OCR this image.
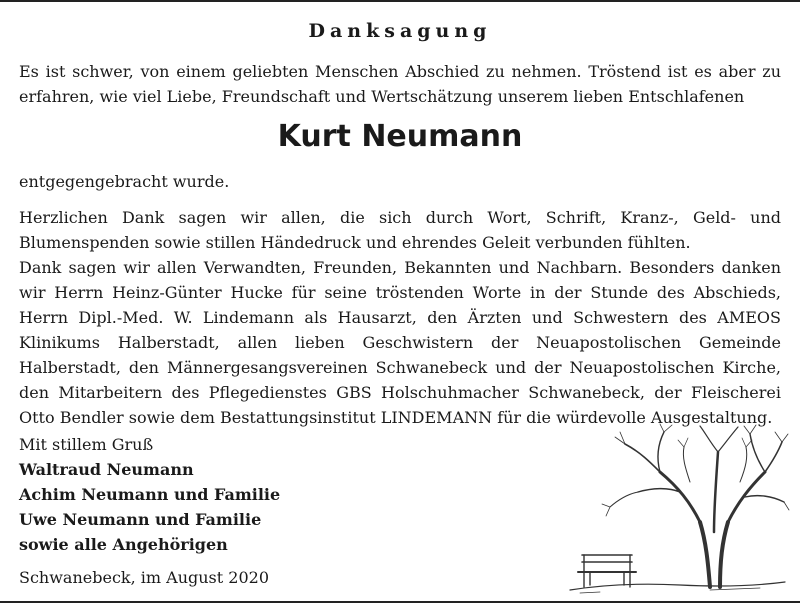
Danksagung

Es ist schwer, von einem geliebten Menschen Abschied zu nehmen. Tröstend ist es aber zu erfahren, wie viel Liebe, Freundschaft und Wertschätzung unserem lieben Entschlafenen

Kurt Neumann

entgegengebracht wurde.

Herzlichen Dank sagen wir allen, die sich durch Wort, Schrift, Kranz-, Geld- und Blumenspenden sowie stillen Händedruck und ehrendes Geleit verbunden fühlten.

Dank sagen wir allen Verwandten, Freunden, Bekannten und Nachbarn. Besonders danken wir Herrn Heinz-Günter Hucke für seine tröstenden Worte in der Stunde des Abschieds, Herrn Dipl.-Med. W. Lindemann als Hausarzt, den Ärzten und Schwestern des AMEOS Klinikums Halberstadt, allen lieben Geschwistern der Neuapostolischen Gemeinde Halberstadt, den Männergesangsvereinen Schwanebeck und der Neuapostolischen Kirche, den Mitarbeitern des Pflegedienstes GBS Holschuhmacher Schwanebeck, der Fleischerei Otto Bendler sowie dem Bestattungsinstitut LINDEMANN für die würdevolle Ausgestaltung.

Mit stillem Gruß
Waltraud Neumann
Achim Neumann und Familie
Uwe Neumann und Familie
sowie alle Angehörigen
Schwanebeck, im August 2020
